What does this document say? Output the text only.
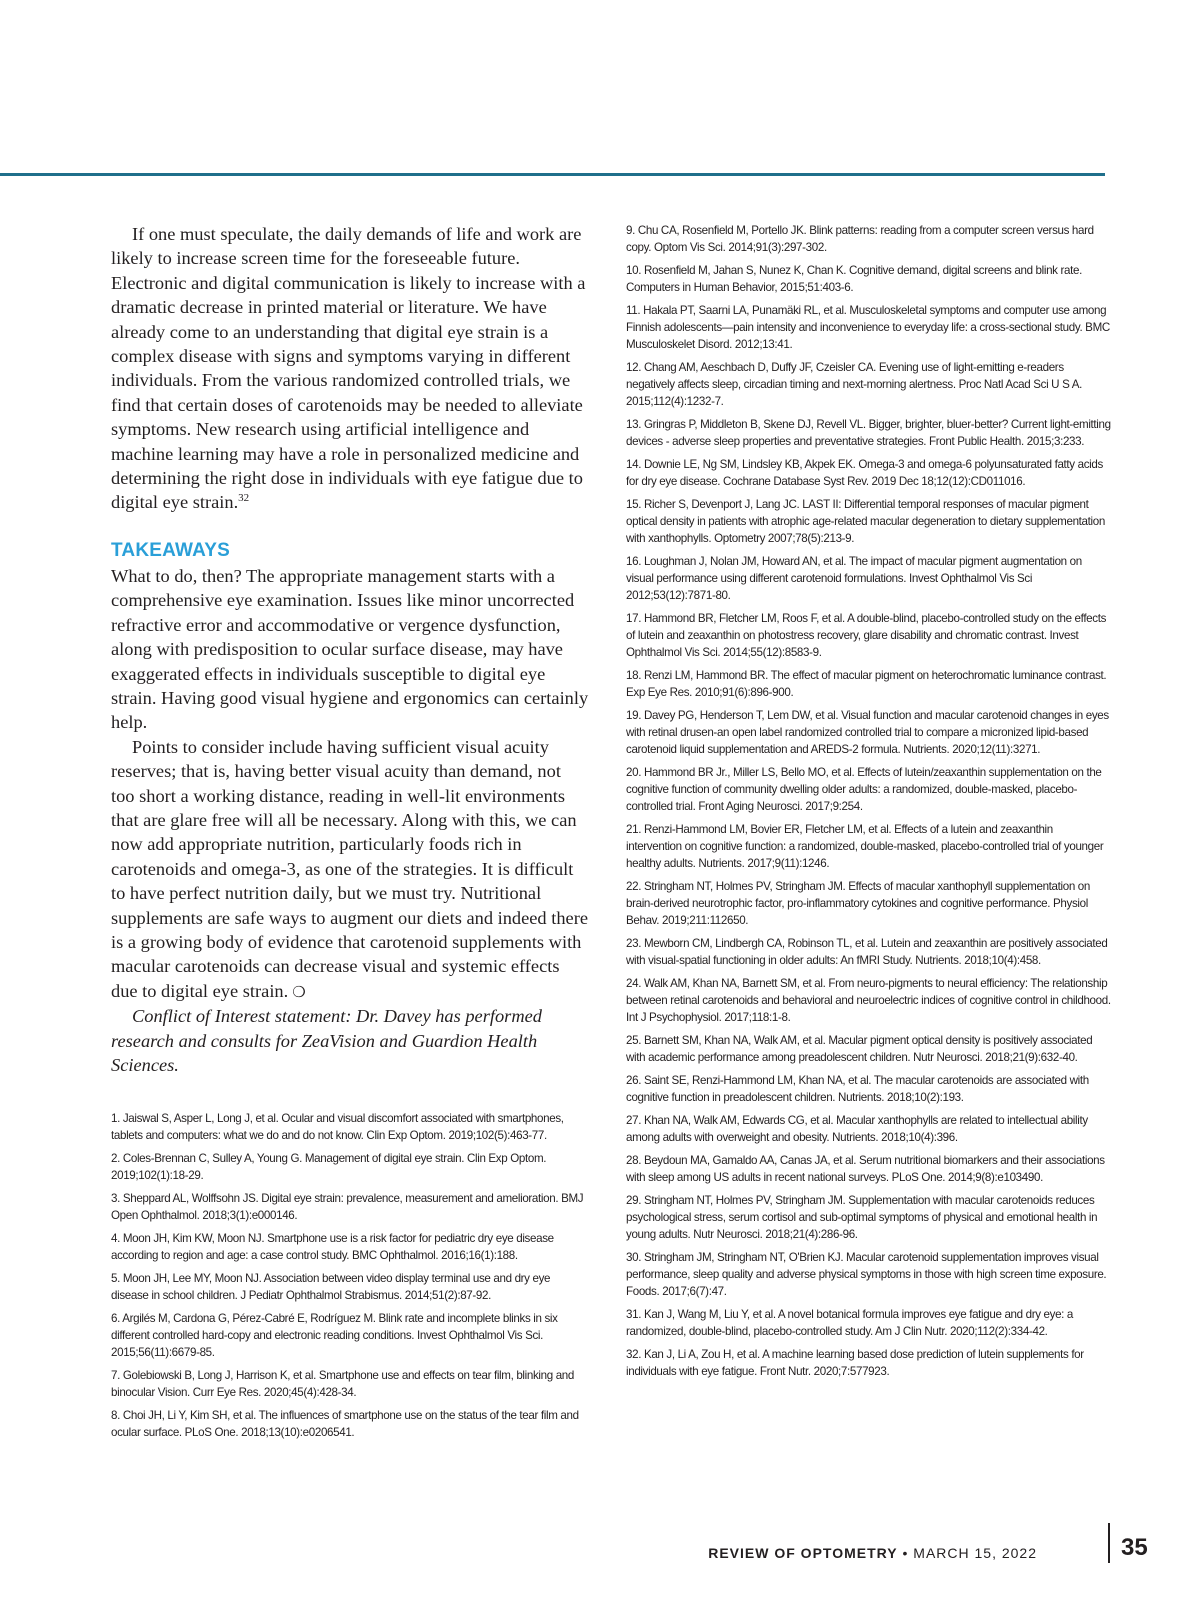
If one must speculate, the daily demands of life and work are likely to increase screen time for the foreseeable future. Electronic and digital communication is likely to increase with a dramatic decrease in printed material or literature. We have already come to an understanding that digital eye strain is a complex disease with signs and symptoms varying in different individuals. From the various randomized controlled trials, we find that certain doses of carotenoids may be needed to alleviate symptoms. New research using artificial intelligence and machine learning may have a role in personalized medicine and determining the right dose in individuals with eye fatigue due to digital eye strain.$^{32}$

TAKEAWAYS

What to do, then? The appropriate management starts with a comprehensive eye examination. Issues like minor uncorrected refractive error and accommodative or vergence dysfunction, along with predisposition to ocular surface disease, may have exaggerated effects in individuals susceptible to digital eye strain. Having good visual hygiene and ergonomics can certainly help.

Points to consider include having sufficient visual acuity reserves; that is, having better visual acuity than demand, not too short a working distance, reading in well-lit environments that are glare free will all be necessary. Along with this, we can now add appropriate nutrition, particularly foods rich in carotenoids and omega-3, as one of the strategies. It is difficult to have perfect nutrition daily, but we must try. Nutritional supplements are safe ways to augment our diets and indeed there is a growing body of evidence that carotenoid supplements with macular carotenoids can decrease visual and systemic effects due to digital eye strain. ❍

Conflict of Interest statement: Dr. Davey has performed research and consults for ZeaVision and Guardion Health Sciences.

1. Jaiswal S, Asper L, Long J, et al. Ocular and visual discomfort associated with smartphones, tablets and computers: what we do and do not know. Clin Exp Optom. 2019;102(5):463-77.

2. Coles-Brennan C, Sulley A, Young G. Management of digital eye strain. Clin Exp Optom. 2019;102(1):18-29.

3. Sheppard AL, Wolffsohn JS. Digital eye strain: prevalence, measurement and amelioration. BMJ Open Ophthalmol. 2018;3(1):e000146.

4. Moon JH, Kim KW, Moon NJ. Smartphone use is a risk factor for pediatric dry eye disease according to region and age: a case control study. BMC Ophthalmol. 2016;16(1):188.

5. Moon JH, Lee MY, Moon NJ. Association between video display terminal use and dry eye disease in school children. J Pediatr Ophthalmol Strabismus. 2014;51(2):87-92.

6. Argilés M, Cardona G, Pérez-Cabré E, Rodríguez M. Blink rate and incomplete blinks in six different controlled hard-copy and electronic reading conditions. Invest Ophthalmol Vis Sci. 2015;56(11):6679-85.

7. Golebiowski B, Long J, Harrison K, et al. Smartphone use and effects on tear film, blinking and binocular Vision. Curr Eye Res. 2020;45(4):428-34.

8. Choi JH, Li Y, Kim SH, et al. The influences of smartphone use on the status of the tear film and ocular surface. PLoS One. 2018;13(10):e0206541.

9. Chu CA, Rosenfield M, Portello JK. Blink patterns: reading from a computer screen versus hard copy. Optom Vis Sci. 2014;91(3):297-302.

10. Rosenfield M, Jahan S, Nunez K, Chan K. Cognitive demand, digital screens and blink rate. Computers in Human Behavior, 2015;51:403-6.

11. Hakala PT, Saarni LA, Punamäki RL, et al. Musculoskeletal symptoms and computer use among Finnish adolescents—pain intensity and inconvenience to everyday life: a cross-sectional study. BMC Musculoskelet Disord. 2012;13:41.

12. Chang AM, Aeschbach D, Duffy JF, Czeisler CA. Evening use of light-emitting e-readers negatively affects sleep, circadian timing and next-morning alertness. Proc Natl Acad Sci U S A. 2015;112(4):1232-7.

13. Gringras P, Middleton B, Skene DJ, Revell VL. Bigger, brighter, bluer-better? Current light-emitting devices - adverse sleep properties and preventative strategies. Front Public Health. 2015;3:233.

14. Downie LE, Ng SM, Lindsley KB, Akpek EK. Omega-3 and omega-6 polyunsaturated fatty acids for dry eye disease. Cochrane Database Syst Rev. 2019 Dec 18;12(12):CD011016.

15. Richer S, Devenport J, Lang JC. LAST II: Differential temporal responses of macular pigment optical density in patients with atrophic age-related macular degeneration to dietary supplementation with xanthophylls. Optometry 2007;78(5):213-9.

16. Loughman J, Nolan JM, Howard AN, et al. The impact of macular pigment augmentation on visual performance using different carotenoid formulations. Invest Ophthalmol Vis Sci 2012;53(12):7871-80.

17. Hammond BR, Fletcher LM, Roos F, et al. A double-blind, placebo-controlled study on the effects of lutein and zeaxanthin on photostress recovery, glare disability and chromatic contrast. Invest Ophthalmol Vis Sci. 2014;55(12):8583-9.

18. Renzi LM, Hammond BR. The effect of macular pigment on heterochromatic luminance contrast. Exp Eye Res. 2010;91(6):896-900.

19. Davey PG, Henderson T, Lem DW, et al. Visual function and macular carotenoid changes in eyes with retinal drusen-an open label randomized controlled trial to compare a micronized lipid-based carotenoid liquid supplementation and AREDS-2 formula. Nutrients. 2020;12(11):3271.

20. Hammond BR Jr., Miller LS, Bello MO, et al. Effects of lutein/zeaxanthin supplementation on the cognitive function of community dwelling older adults: a randomized, double-masked, placebo-controlled trial. Front Aging Neurosci. 2017;9:254.

21. Renzi-Hammond LM, Bovier ER, Fletcher LM, et al. Effects of a lutein and zeaxanthin intervention on cognitive function: a randomized, double-masked, placebo-controlled trial of younger healthy adults. Nutrients. 2017;9(11):1246.

22. Stringham NT, Holmes PV, Stringham JM. Effects of macular xanthophyll supplementation on brain-derived neurotrophic factor, pro-inflammatory cytokines and cognitive performance. Physiol Behav. 2019;211:112650.

23. Mewborn CM, Lindbergh CA, Robinson TL, et al. Lutein and zeaxanthin are positively associated with visual-spatial functioning in older adults: An fMRI Study. Nutrients. 2018;10(4):458.

24. Walk AM, Khan NA, Barnett SM, et al. From neuro-pigments to neural efficiency: The relationship between retinal carotenoids and behavioral and neuroelectric indices of cognitive control in childhood. Int J Psychophysiol. 2017;118:1-8.

25. Barnett SM, Khan NA, Walk AM, et al. Macular pigment optical density is positively associated with academic performance among preadolescent children. Nutr Neurosci. 2018;21(9):632-40.

26. Saint SE, Renzi-Hammond LM, Khan NA, et al. The macular carotenoids are associated with cognitive function in preadolescent children. Nutrients. 2018;10(2):193.

27. Khan NA, Walk AM, Edwards CG, et al. Macular xanthophylls are related to intellectual ability among adults with overweight and obesity. Nutrients. 2018;10(4):396.

28. Beydoun MA, Gamaldo AA, Canas JA, et al. Serum nutritional biomarkers and their associations with sleep among US adults in recent national surveys. PLoS One. 2014;9(8):e103490.

29. Stringham NT, Holmes PV, Stringham JM. Supplementation with macular carotenoids reduces psychological stress, serum cortisol and sub-optimal symptoms of physical and emotional health in young adults. Nutr Neurosci. 2018;21(4):286-96.

30. Stringham JM, Stringham NT, O'Brien KJ. Macular carotenoid supplementation improves visual performance, sleep quality and adverse physical symptoms in those with high screen time exposure. Foods. 2017;6(7):47.

31. Kan J, Wang M, Liu Y, et al. A novel botanical formula improves eye fatigue and dry eye: a randomized, double-blind, placebo-controlled study. Am J Clin Nutr. 2020;112(2):334-42.

32. Kan J, Li A, Zou H, et al. A machine learning based dose prediction of lutein supplements for individuals with eye fatigue. Front Nutr. 2020;7:577923.

REVIEW OF OPTOMETRY • MARCH 15, 2022	35
